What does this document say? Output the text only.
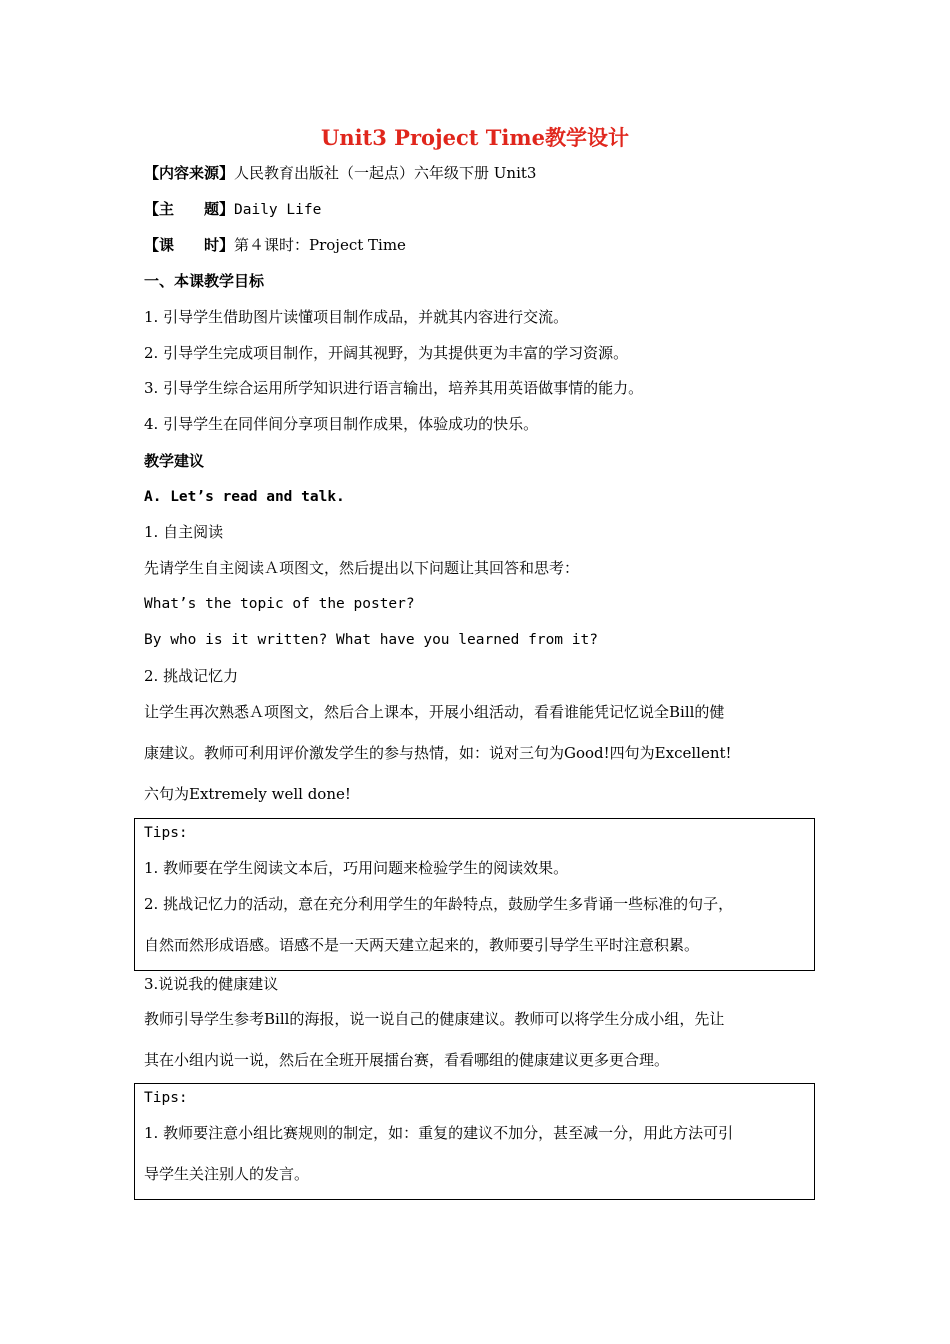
Unit3 Project Time教学设计
【内容来源】人民教育出版社（一起点）六年级下册 Unit3
【主　　题】Daily Life
【课　　时】第４课时：Project Time
一、本课教学目标
1. 引导学生借助图片读懂项目制作成品，并就其内容进行交流。
2. 引导学生完成项目制作，开阔其视野，为其提供更为丰富的学习资源。
3. 引导学生综合运用所学知识进行语言输出，培养其用英语做事情的能力。
4. 引导学生在同伴间分享项目制作成果，体验成功的快乐。
教学建议
A. Let’s read and talk.
1. 自主阅读
先请学生自主阅读Ａ项图文，然后提出以下问题让其回答和思考：
What’s the topic of the poster?
By who is it written? What have you learned from it?
2. 挑战记忆力
让学生再次熟悉Ａ项图文，然后合上课本，开展小组活动，看看谁能凭记忆说全Bill的健
康建议。教师可利用评价激发学生的参与热情，如：说对三句为Good!四句为Excellent!
六句为Extremely well done!
Tips:
1. 教师要在学生阅读文本后，巧用问题来检验学生的阅读效果。
2. 挑战记忆力的活动，意在充分利用学生的年龄特点，鼓励学生多背诵一些标准的句子，
自然而然形成语感。语感不是一天两天建立起来的，教师要引导学生平时注意积累。
3.说说我的健康建议
教师引导学生参考Bill的海报，说一说自己的健康建议。教师可以将学生分成小组，先让
其在小组内说一说，然后在全班开展擂台赛，看看哪组的健康建议更多更合理。
Tips:
1. 教师要注意小组比赛规则的制定，如：重复的建议不加分，甚至减一分，用此方法可引
导学生关注别人的发言。
